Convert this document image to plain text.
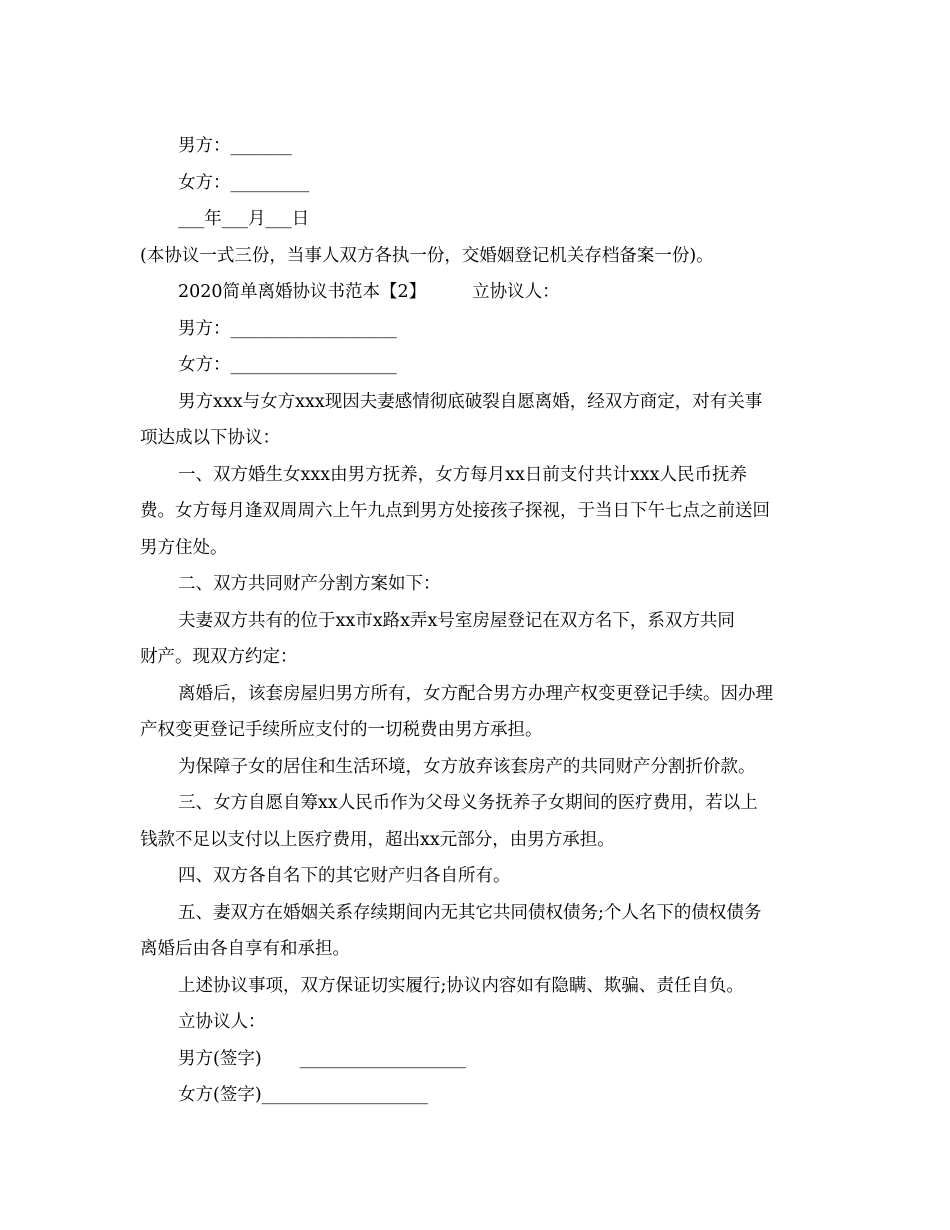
男方：_______
女方：_________
___年___月___日
(本协议一式三份，当事人双方各执一份，交婚姻登记机关存档备案一份)。
2020简单离婚协议书范本【2】	立协议人：
男方：___________________
女方：___________________
男方xxx与女方xxx现因夫妻感情彻底破裂自愿离婚，经双方商定，对有关事
项达成以下协议：
一、双方婚生女xxx由男方抚养，女方每月xx日前支付共计xxx人民币抚养
费。女方每月逢双周周六上午九点到男方处接孩子探视，于当日下午七点之前送回
男方住处。
二、双方共同财产分割方案如下：
夫妻双方共有的位于xx市x路x弄x号室房屋登记在双方名下，系双方共同
财产。现双方约定：
离婚后，该套房屋归男方所有，女方配合男方办理产权变更登记手续。因办理
产权变更登记手续所应支付的一切税费由男方承担。
为保障子女的居住和生活环境，女方放弃该套房产的共同财产分割折价款。
三、女方自愿自筹xx人民币作为父母义务抚养子女期间的医疗费用，若以上
钱款不足以支付以上医疗费用，超出xx元部分，由男方承担。
四、双方各自名下的其它财产归各自所有。
五、妻双方在婚姻关系存续期间内无其它共同债权债务;个人名下的债权债务
离婚后由各自享有和承担。
上述协议事项，双方保证切实履行;协议内容如有隐瞒、欺骗、责任自负。
立协议人：
男方(签字) ___________________
女方(签字)___________________
